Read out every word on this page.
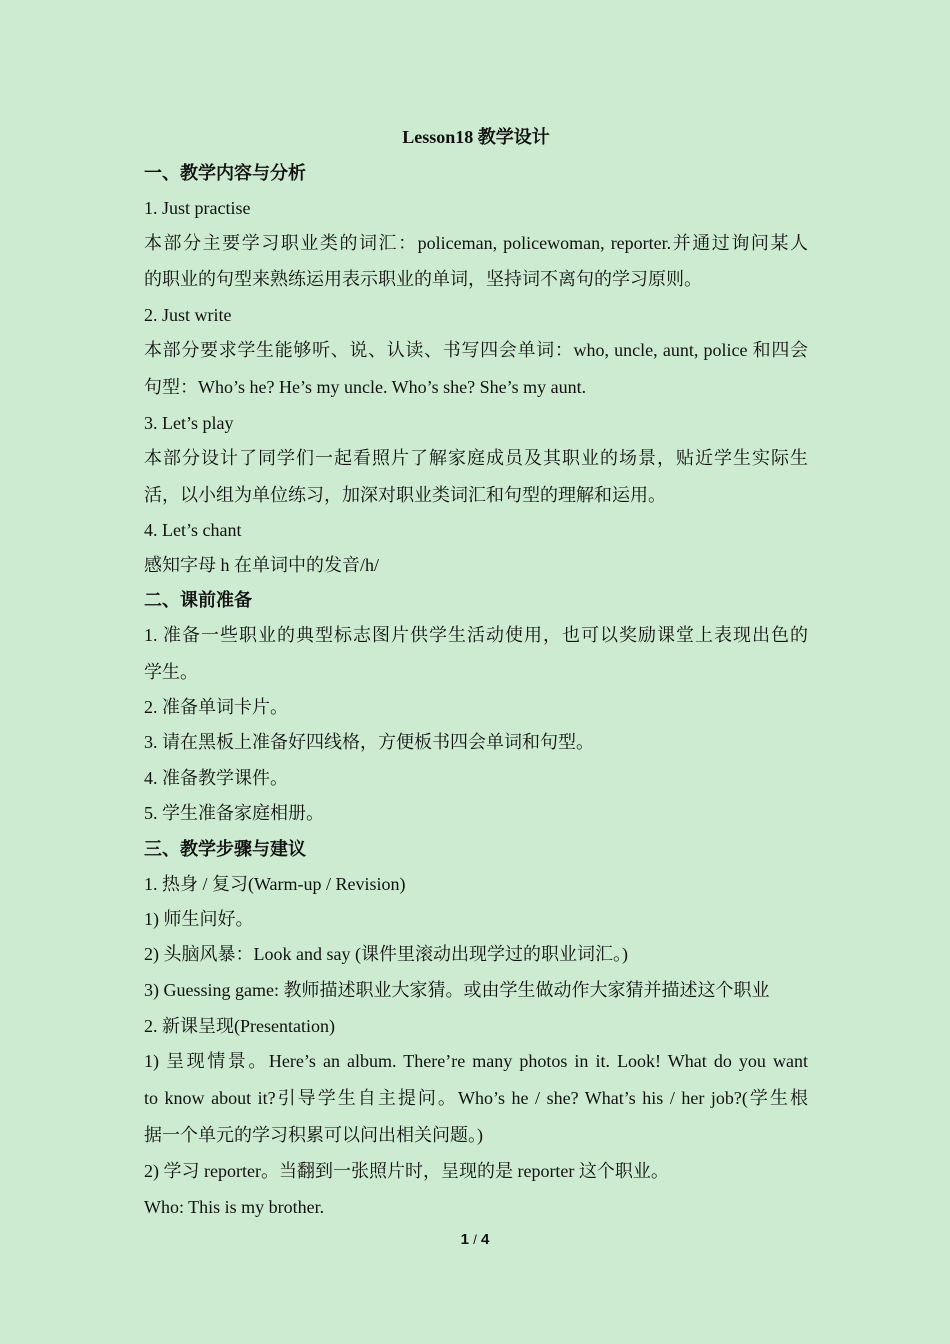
Lesson18 教学设计
一、教学内容与分析
1. Just practise
本部分主要学习职业类的词汇：policeman, policewoman, reporter.并通过询问某人
的职业的句型来熟练运用表示职业的单词，坚持词不离句的学习原则。
2. Just write
本部分要求学生能够听、说、认读、书写四会单词：who, uncle, aunt, police 和四会
句型：Who’s he? He’s my uncle. Who’s she? She’s my aunt.
3. Let’s play
本部分设计了同学们一起看照片了解家庭成员及其职业的场景，贴近学生实际生
活，以小组为单位练习，加深对职业类词汇和句型的理解和运用。
4. Let’s chant
感知字母 h 在单词中的发音/h/
二、课前准备
1. 准备一些职业的典型标志图片供学生活动使用，也可以奖励课堂上表现出色的
学生。
2. 准备单词卡片。
3. 请在黑板上准备好四线格，方便板书四会单词和句型。
4. 准备教学课件。
5. 学生准备家庭相册。
三、教学步骤与建议
1. 热身 / 复习(Warm-up / Revision)
1) 师生问好。
2) 头脑风暴：Look and say (课件里滚动出现学过的职业词汇。)
3) Guessing game: 教师描述职业大家猜。或由学生做动作大家猜并描述这个职业
2. 新课呈现(Presentation)
1) 呈现情景。Here’s an album. There’re many photos in it. Look! What do you want
to know about it?引导学生自主提问。Who’s he / she? What’s his / her job?(学生根
据一个单元的学习积累可以问出相关问题。)
2) 学习 reporter。当翻到一张照片时，呈现的是 reporter 这个职业。
Who: This is my brother.
1 / 4
